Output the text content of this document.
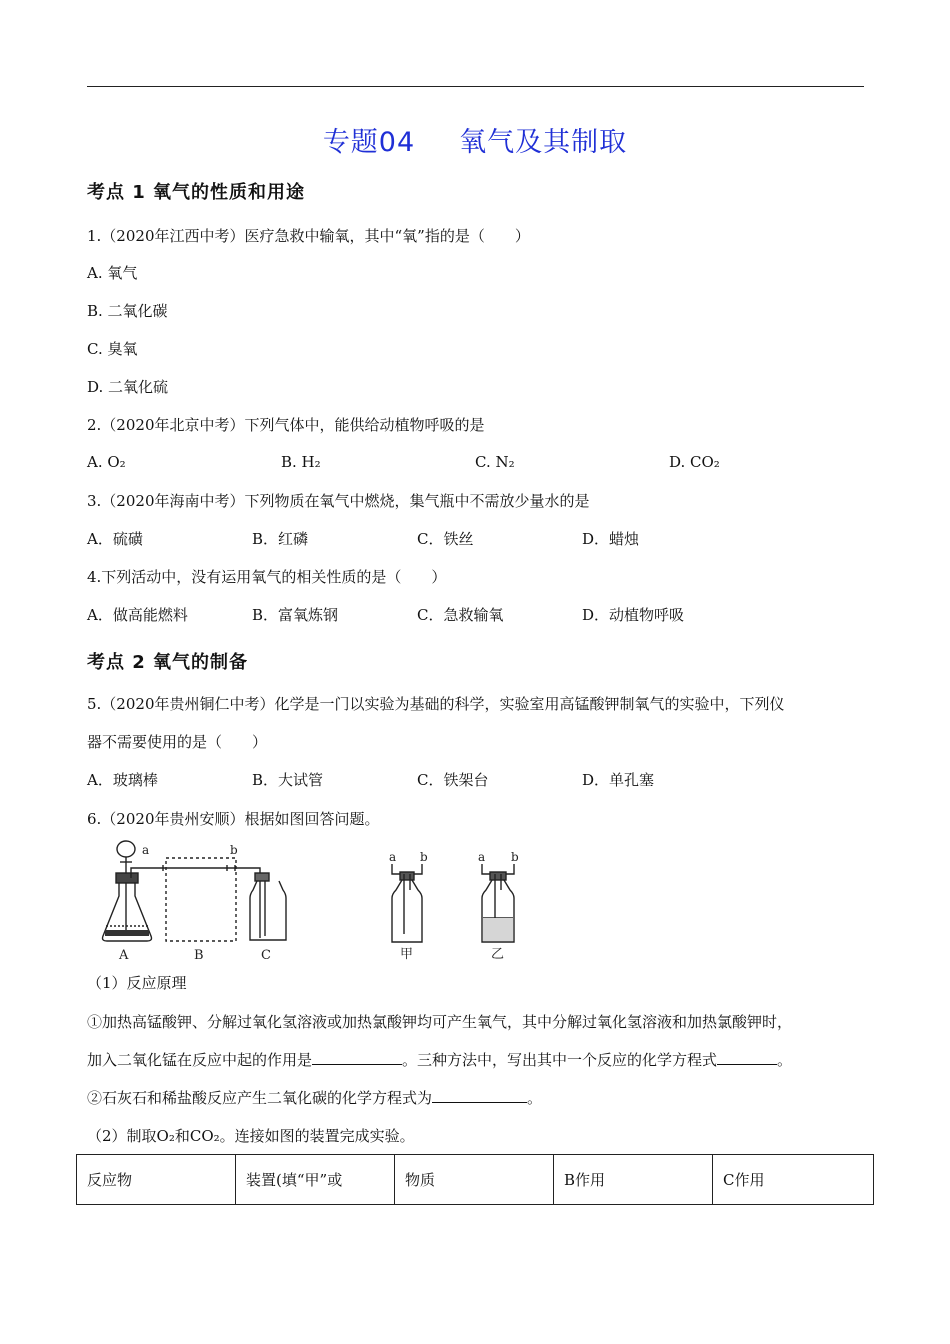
专题04 氧气及其制取
考点 1 氧气的性质和用途
1.（2020年江西中考）医疗急救中输氧，其中“氧”指的是（　　）
A. 氧气
B. 二氧化碳
C. 臭氧
D. 二氧化硫
2.（2020年北京中考）下列气体中，能供给动植物呼吸的是
A. O₂	B. H₂	C. N₂	D. CO₂
3.（2020年海南中考）下列物质在氧气中燃烧，集气瓶中不需放少量水的是
A．硫磺	B．红磷	C．铁丝	D．蜡烛
4.下列活动中，没有运用氧气的相关性质的是（　　）
A．做高能燃料	B．富氧炼钢	C．急救输氧	D．动植物呼吸
考点 2 氧气的制备
5.（2020年贵州铜仁中考）化学是一门以实验为基础的科学，实验室用高锰酸钾制氧气的实验中，下列仪
器不需要使用的是（　　）
A．玻璃棒	B．大试管	C．铁架台	D．单孔塞
6.（2020年贵州安顺）根据如图回答问题。
a	b
A	B	C
a b	a b
甲	乙
（1）反应原理
①加热高锰酸钾、分解过氧化氢溶液或加热氯酸钾均可产生氧气，其中分解过氧化氢溶液和加热氯酸钾时，
加入二氧化锰在反应中起的作用是	。三种方法中，写出其中一个反应的化学方程式	。
②石灰石和稀盐酸反应产生二氧化碳的化学方程式为	。
（2）制取O₂和CO₂。连接如图的装置完成实验。
反应物	装置(填“甲”或	物质	B作用	C作用
